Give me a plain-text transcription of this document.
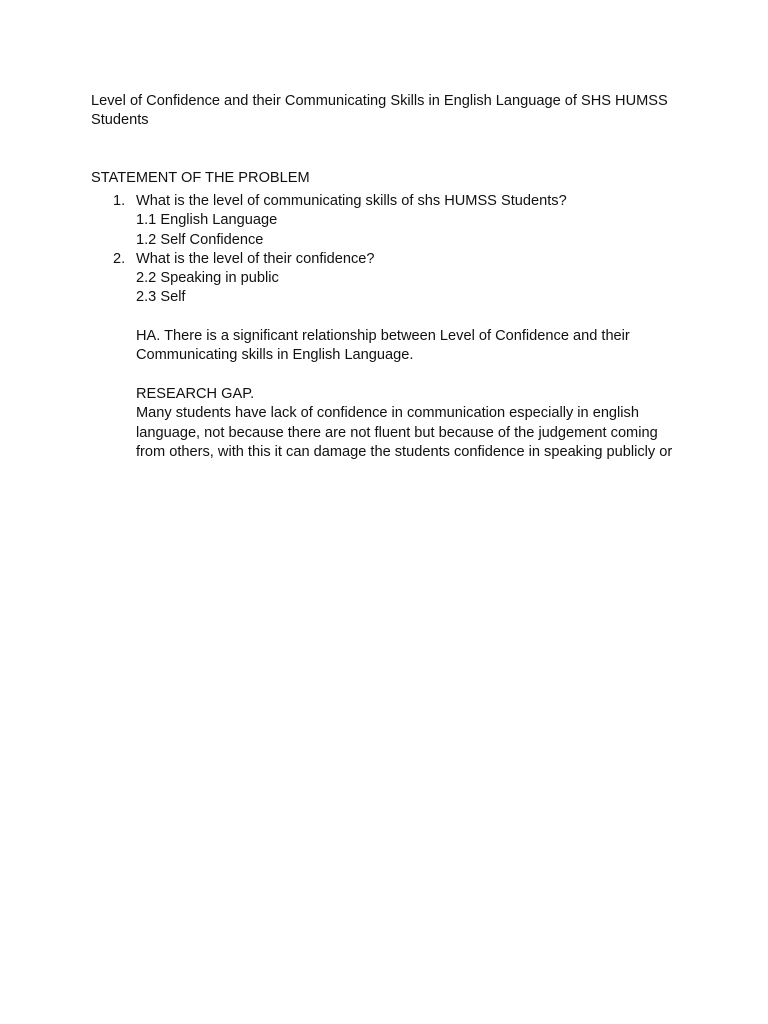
Level of Confidence and their Communicating Skills in English Language of SHS HUMSS Students
STATEMENT OF THE PROBLEM
1. What is the level of communicating skills of shs HUMSS Students?
1.1 English Language
1.2 Self Confidence
2. What is the level of their confidence?
2.2 Speaking in public
2.3 Self

HA. There is a significant relationship between Level of Confidence and their Communicating skills in English Language.

RESEARCH GAP.

Many students have lack of confidence in communication especially in english language, not because there are not fluent but because of the judgement coming from others, with this it can damage the students confidence in speaking publicly or
